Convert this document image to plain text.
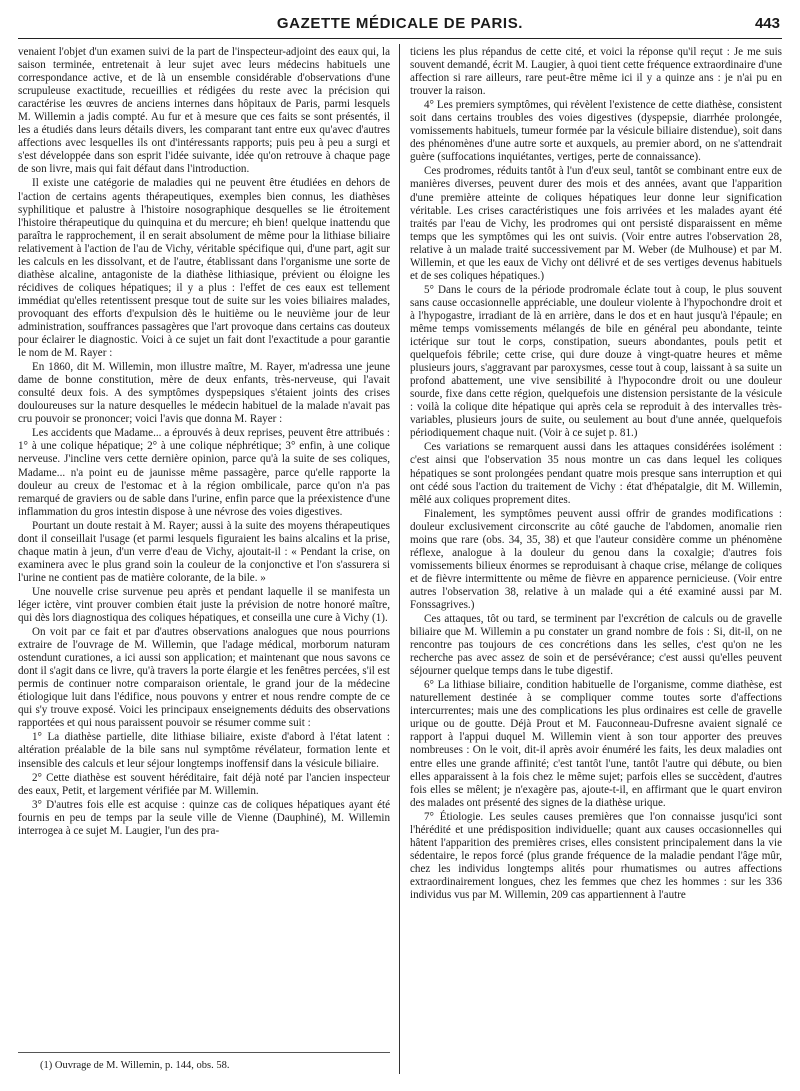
GAZETTE MÉDICALE DE PARIS.	443

venaient l'objet d'un examen suivi de la part de l'inspecteur-adjoint des eaux qui, la saison terminée, entretenait à leur sujet avec leurs médecins habituels une correspondance active, et de là un ensemble considérable d'observations d'une scrupuleuse exactitude, recueillies et rédigées du reste avec la précision qui caractérise les œuvres de anciens internes dans hôpitaux de Paris, parmi lesquels M. Willemin a jadis compté. Au fur et à mesure que ces faits se sont présentés, il les a étudiés dans leurs détails divers, les comparant tant entre eux qu'avec d'autres affections avec lesquelles ils ont d'intéressants rapports; puis peu à peu a surgi et s'est développée dans son esprit l'idée suivante, idée qu'on retrouve à chaque page de son livre, mais qui fait défaut dans l'introduction.

Il existe une catégorie de maladies qui ne peuvent être étudiées en dehors de l'action de certains agents thérapeutiques, exemples bien connus, les diathèses syphilitique et palustre à l'histoire nosographique desquelles se lie étroitement l'histoire thérapeutique du quinquina et du mercure; eh bien! quelque inattendu que paraîtra le rapprochement, il en serait absolument de même pour la lithiase biliaire relativement à l'action de l'au de Vichy, véritable spécifique qui, d'une part, agit sur les calculs en les dissolvant, et de l'autre, établissant dans l'organisme une sorte de diathèse alcaline, antagoniste de la diathèse lithiasique, prévient ou éloigne les récidives de coliques hépatiques; il y a plus : l'effet de ces eaux est tellement immédiat qu'elles retentissent presque tout de suite sur les voies biliaires malades, provoquant des efforts d'expulsion dès le huitième ou le neuvième jour de leur administration, souffrances passagères que l'art provoque dans certains cas douteux pour éclairer le diagnostic. Voici à ce sujet un fait dont l'exactitude a pour garantie le nom de M. Rayer :

En 1860, dit M. Willemin, mon illustre maître, M. Rayer, m'adressa une jeune dame de bonne constitution, mère de deux enfants, très-nerveuse, qui l'avait consulté deux fois. A des symptômes dyspepsiques s'étaient joints des crises douloureuses sur la nature desquelles le médecin habituel de la malade n'avait pas cru pouvoir se prononcer; voici l'avis que donna M. Rayer :

Les accidents que Madame... a éprouvés à deux reprises, peuvent être attribués : 1° à une colique hépatique; 2° à une colique néphrétique; 3° enfin, à une colique nerveuse. J'incline vers cette dernière opinion, parce qu'à la suite de ses coliques, Madame... n'a point eu de jaunisse même passagère, parce qu'elle rapporte la douleur au creux de l'estomac et à la région ombilicale, parce qu'on n'a pas remarqué de graviers ou de sable dans l'urine, enfin parce que la préexistence d'une inflammation du gros intestin dispose à une névrose des voies digestives.

Pourtant un doute restait à M. Rayer; aussi à la suite des moyens thérapeutiques dont il conseillait l'usage (et parmi lesquels figuraient les bains alcalins et la prise, chaque matin à jeun, d'un verre d'eau de Vichy, ajoutait-il : « Pendant la crise, on examinera avec le plus grand soin la couleur de la conjonctive et l'on s'assurera si l'urine ne contient pas de matière colorante, de la bile. »

Une nouvelle crise survenue peu après et pendant laquelle il se manifesta un léger ictère, vint prouver combien était juste la prévision de notre honoré maître, qui dès lors diagnostiqua des coliques hépatiques, et conseilla une cure à Vichy (1).

On voit par ce fait et par d'autres observations analogues que nous pourrions extraire de l'ouvrage de M. Willemin, que l'adage médical, morborum naturam ostendunt curationes, a ici aussi son application; et maintenant que nous savons ce dont il s'agit dans ce livre, qu'à travers la porte élargie et les fenêtres percées, s'il est permis de continuer notre comparaison orientale, le grand jour de la médecine étiologique luit dans l'édifice, nous pouvons y entrer et nous rendre compte de ce qui s'y trouve exposé. Voici les principaux enseignements déduits des observations rapportées et qui nous paraissent pouvoir se résumer comme suit :

1° La diathèse partielle, dite lithiase biliaire, existe d'abord à l'état latent : altération préalable de la bile sans nul symptôme révélateur, formation lente et insensible des calculs et leur séjour longtemps inoffensif dans la vésicule biliaire.

2° Cette diathèse est souvent héréditaire, fait déjà noté par l'ancien inspecteur des eaux, Petit, et largement vérifiée par M. Willemin.

3° D'autres fois elle est acquise : quinze cas de coliques hépatiques ayant été fournis en peu de temps par la seule ville de Vienne (Dauphiné), M. Willemin interrogea à ce sujet M. Laugier, l'un des pra-

ticiens les plus répandus de cette cité, et voici la réponse qu'il reçut : Je me suis souvent demandé, écrit M. Laugier, à quoi tient cette fréquence extraordinaire d'une affection si rare ailleurs, rare peut-être même ici il y a quinze ans : je n'ai pu en trouver la raison.

4° Les premiers symptômes, qui révèlent l'existence de cette diathèse, consistent soit dans certains troubles des voies digestives (dyspepsie, diarrhée prolongée, vomissements habituels, tumeur formée par la vésicule biliaire distendue), soit dans des phénomènes d'une autre sorte et auxquels, au premier abord, on ne s'attendrait guère (suffocations inquiétantes, vertiges, perte de connaissance).

Ces prodromes, réduits tantôt à l'un d'eux seul, tantôt se combinant entre eux de manières diverses, peuvent durer des mois et des années, avant que l'apparition d'une première atteinte de coliques hépatiques leur donne leur signification véritable. Les crises caractéristiques une fois arrivées et les malades ayant été traités par l'eau de Vichy, les prodromes qui ont persisté disparaissent en même temps que les symptômes qui les ont suivis. (Voir entre autres l'observation 28, relative à un malade traité successivement par M. Weber (de Mulhouse) et par M. Willemin, et que les eaux de Vichy ont délivré et de ses vertiges devenus habituels et de ses coliques hépatiques.)

5° Dans le cours de la période prodromale éclate tout à coup, le plus souvent sans cause occasionnelle appréciable, une douleur violente à l'hypochondre droit et à l'hypogastre, irradiant de là en arrière, dans le dos et en haut jusqu'à l'épaule; en même temps vomissements mélangés de bile en général peu abondante, teinte ictérique sur tout le corps, constipation, sueurs abondantes, pouls petit et quelquefois fébrile; cette crise, qui dure douze à vingt-quatre heures et même plusieurs jours, s'aggravant par paroxysmes, cesse tout à coup, laissant à sa suite un profond abattement, une vive sensibilité à l'hypocondre droit ou une douleur sourde, fixe dans cette région, quelquefois une distension persistante de la vésicule : voilà la colique dite hépatique qui après cela se reproduit à des intervalles très-variables, plusieurs jours de suite, ou seulement au bout d'une année, quelquefois périodiquement chaque nuit. (Voir à ce sujet p. 81.)

Ces variations se remarquent aussi dans les attaques considérées isolément : c'est ainsi que l'observation 35 nous montre un cas dans lequel les coliques hépatiques se sont prolongées pendant quatre mois presque sans interruption et qui ont cédé sous l'action du traitement de Vichy : état d'hépatalgie, dit M. Willemin, mêlé aux coliques proprement dites.

Finalement, les symptômes peuvent aussi offrir de grandes modifications : douleur exclusivement circonscrite au côté gauche de l'abdomen, anomalie rien moins que rare (obs. 34, 35, 38) et que l'auteur considère comme un phénomène réflexe, analogue à la douleur du genou dans la coxalgie; d'autres fois vomissements bilieux énormes se reproduisant à chaque crise, mélange de coliques et de fièvre intermittente ou même de fièvre en apparence pernicieuse. (Voir entre autres l'observation 38, relative à un malade qui a été examiné aussi par M. Fonssagrives.)

Ces attaques, tôt ou tard, se terminent par l'excrétion de calculs ou de gravelle biliaire que M. Willemin a pu constater un grand nombre de fois : Si, dit-il, on ne rencontre pas toujours de ces concrétions dans les selles, c'est qu'on ne les recherche pas avec assez de soin et de persévérance; c'est aussi qu'elles peuvent séjourner quelque temps dans le tube digestif.

6° La lithiase biliaire, condition habituelle de l'organisme, comme diathèse, est naturellement destinée à se compliquer comme toutes sorte d'affections intercurrentes; mais une des complications les plus ordinaires est celle de gravelle urique ou de goutte. Déjà Prout et M. Fauconneau-Dufresne avaient signalé ce rapport à l'appui duquel M. Willemin vient à son tour apporter des preuves nombreuses : On le voit, dit-il après avoir énuméré les faits, les deux maladies ont entre elles une grande affinité; c'est tantôt l'une, tantôt l'autre qui débute, ou bien elles apparaissent à la fois chez le même sujet; parfois elles se succèdent, d'autres fois elles se mêlent; je n'exagère pas, ajoute-t-il, en affirmant que le quart environ des malades ont présenté des signes de la diathèse urique.

7° Étiologie. Les seules causes premières que l'on connaisse jusqu'ici sont l'hérédité et une prédisposition individuelle; quant aux causes occasionnelles qui hâtent l'apparition des premières crises, elles consistent principalement dans la vie sédentaire, le repos forcé (plus grande fréquence de la maladie pendant l'âge mûr, chez les individus longtemps alités pour rhumatismes ou autres affections extraordinairement longues, chez les femmes que chez les hommes : sur les 336 individus vus par M. Willemin, 209 cas appartiennent à l'autre

(1) Ouvrage de M. Willemin, p. 144, obs. 58.
